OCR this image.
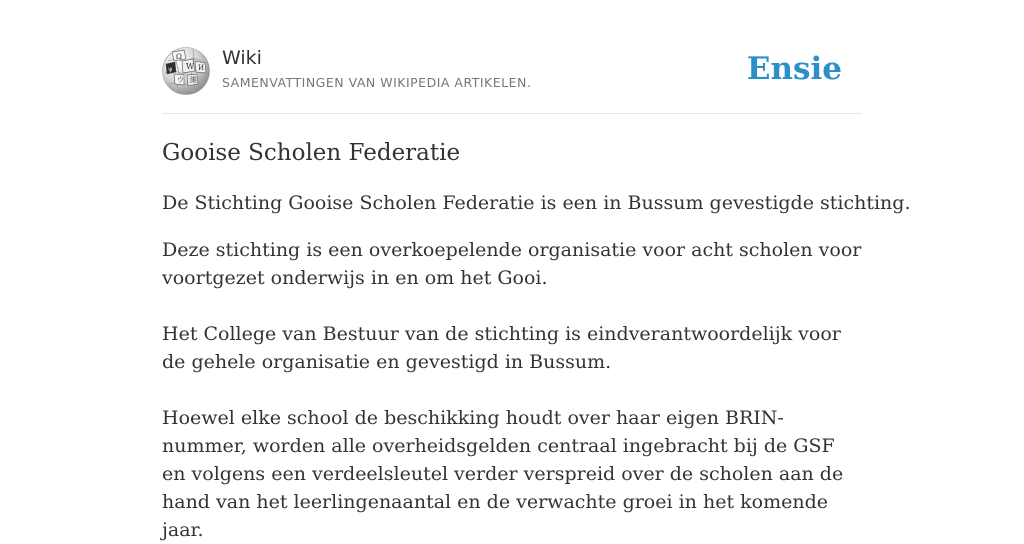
Ω
W И
ウ 維
ψ
Wiki
SAMENVATTINGEN VAN WIKIPEDIA ARTIKELEN.	Ensie
Gooise Scholen Federatie

De Stichting Gooise Scholen Federatie is een in Bussum gevestigde stichting.

Deze stichting is een overkoepelende organisatie voor acht scholen voor voortgezet onderwijs in en om het Gooi.

Het College van Bestuur van de stichting is eindverantwoordelijk voor de gehele organisatie en gevestigd in Bussum.

Hoewel elke school de beschikking houdt over haar eigen BRIN-nummer, worden alle overheidsgelden centraal ingebracht bij de GSF en volgens een verdeelsleutel verder verspreid over de scholen aan de hand van het leerlingenaantal en de verwachte groei in het komende jaar.
